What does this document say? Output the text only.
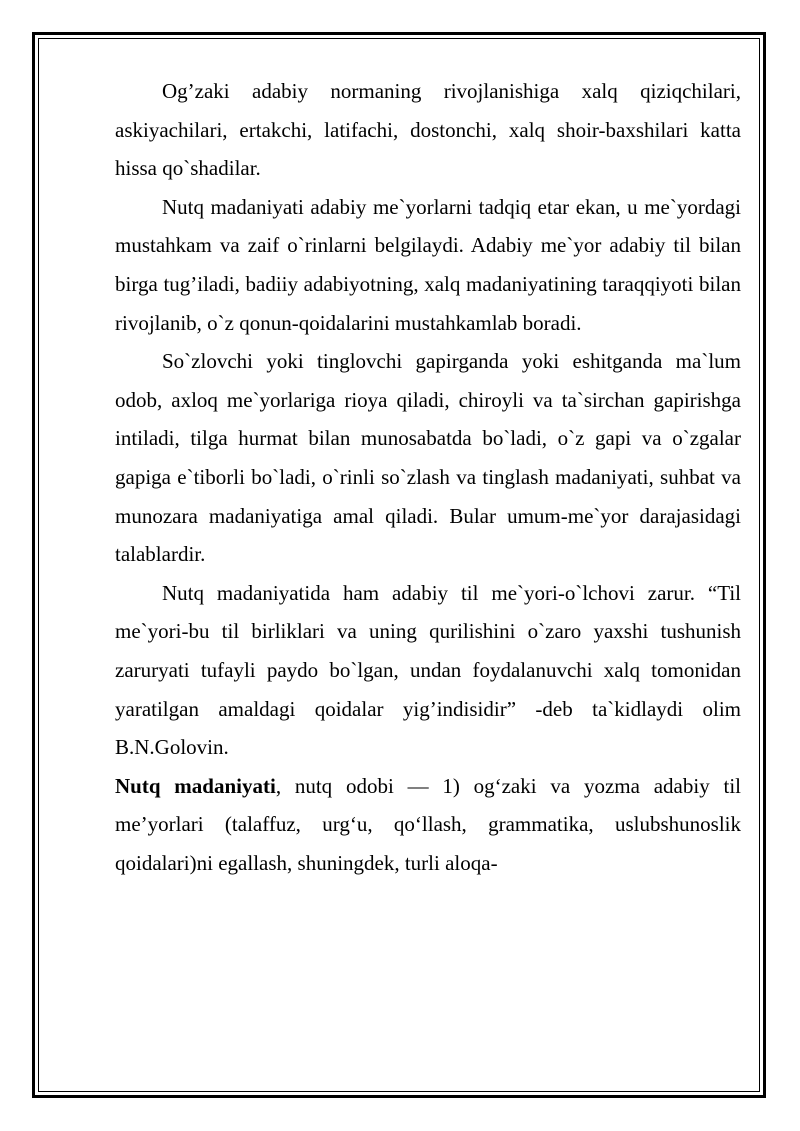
Og’zaki adabiy normaning rivojlanishiga xalq qiziqchilari, askiyachilari, ertakchi, latifachi, dostonchi, xalq shoir-baxshilari katta hissa qo`shadilar.

Nutq madaniyati adabiy me`yorlarni tadqiq etar ekan, u me`yordagi mustahkam va zaif o`rinlarni belgilaydi. Adabiy me`yor adabiy til bilan birga tug’iladi, badiiy adabiyotning, xalq madaniyatining taraqqiyoti bilan rivojlanib, o`z qonun-qoidalarini mustahkamlab boradi.

So`zlovchi yoki tinglovchi gapirganda yoki eshitganda ma`lum odob, axloq me`yorlariga rioya qiladi, chiroyli va ta`sirchan gapirishga intiladi, tilga hurmat bilan munosabatda bo`ladi, o`z gapi va o`zgalar gapiga e`tiborli bo`ladi, o`rinli so`zlash va tinglash madaniyati, suhbat va munozara madaniyatiga amal qiladi. Bular umum-me`yor darajasidagi talablardir.

Nutq madaniyatida ham adabiy til me`yori-o`lchovi zarur. “Til me`yori-bu til birliklari va uning qurilishini o`zaro yaxshi tushunish zaruryati tufayli paydo bo`lgan, undan foydalanuvchi xalq tomonidan yaratilgan amaldagi qoidalar yig’indisidir” -deb ta`kidlaydi olim B.N.Golovin.

Nutq madaniyati, nutq odobi — 1) og‘zaki va yozma adabiy til me’yorlari (talaffuz, urg‘u, qo‘llash, grammatika, uslubshunoslik qoidalari)ni egallash, shuningdek, turli aloqa-
